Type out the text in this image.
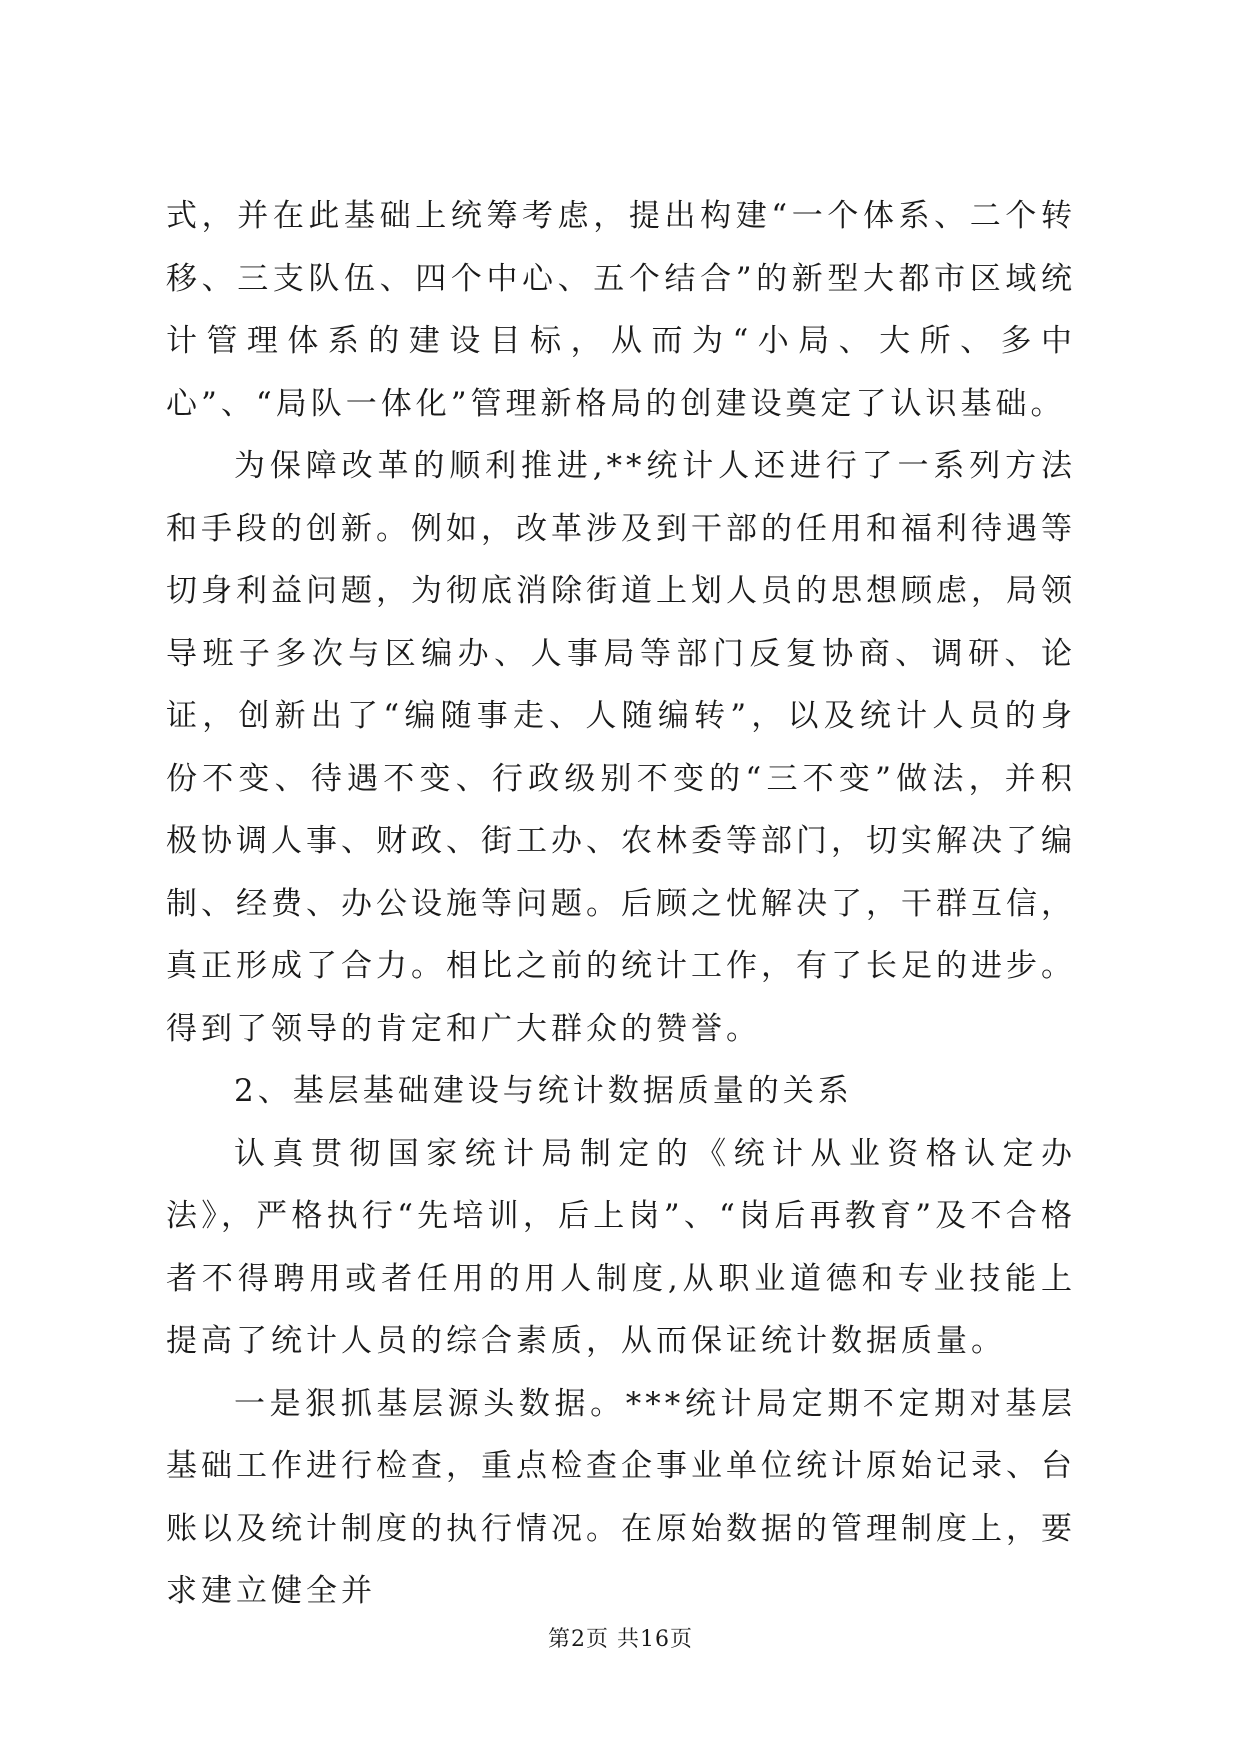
式，并在此基础上统筹考虑，提出构建“一个体系、二个转移、三支队伍、四个中心、五个结合”的新型大都市区域统计管理体系的建设目标，从而为“小局、大所、多中心”、“局队一体化”管理新格局的创建设奠定了认识基础。

为保障改革的顺利推进,**统计人还进行了一系列方法和手段的创新。例如，改革涉及到干部的任用和福利待遇等切身利益问题，为彻底消除街道上划人员的思想顾虑，局领导班子多次与区编办、人事局等部门反复协商、调研、论证，创新出了“编随事走、人随编转”，以及统计人员的身份不变、待遇不变、行政级别不变的“三不变”做法，并积极协调人事、财政、街工办、农林委等部门，切实解决了编制、经费、办公设施等问题。后顾之忧解决了，干群互信，真正形成了合力。相比之前的统计工作，有了长足的进步。得到了领导的肯定和广大群众的赞誉。

2、基层基础建设与统计数据质量的关系

认真贯彻国家统计局制定的《统计从业资格认定办法》，严格执行“先培训，后上岗”、“岗后再教育”及不合格者不得聘用或者任用的用人制度,从职业道德和专业技能上提高了统计人员的综合素质，从而保证统计数据质量。

一是狠抓基层源头数据。***统计局定期不定期对基层基础工作进行检查，重点检查企事业单位统计原始记录、台账以及统计制度的执行情况。在原始数据的管理制度上，要求建立健全并

第2页 共16页
